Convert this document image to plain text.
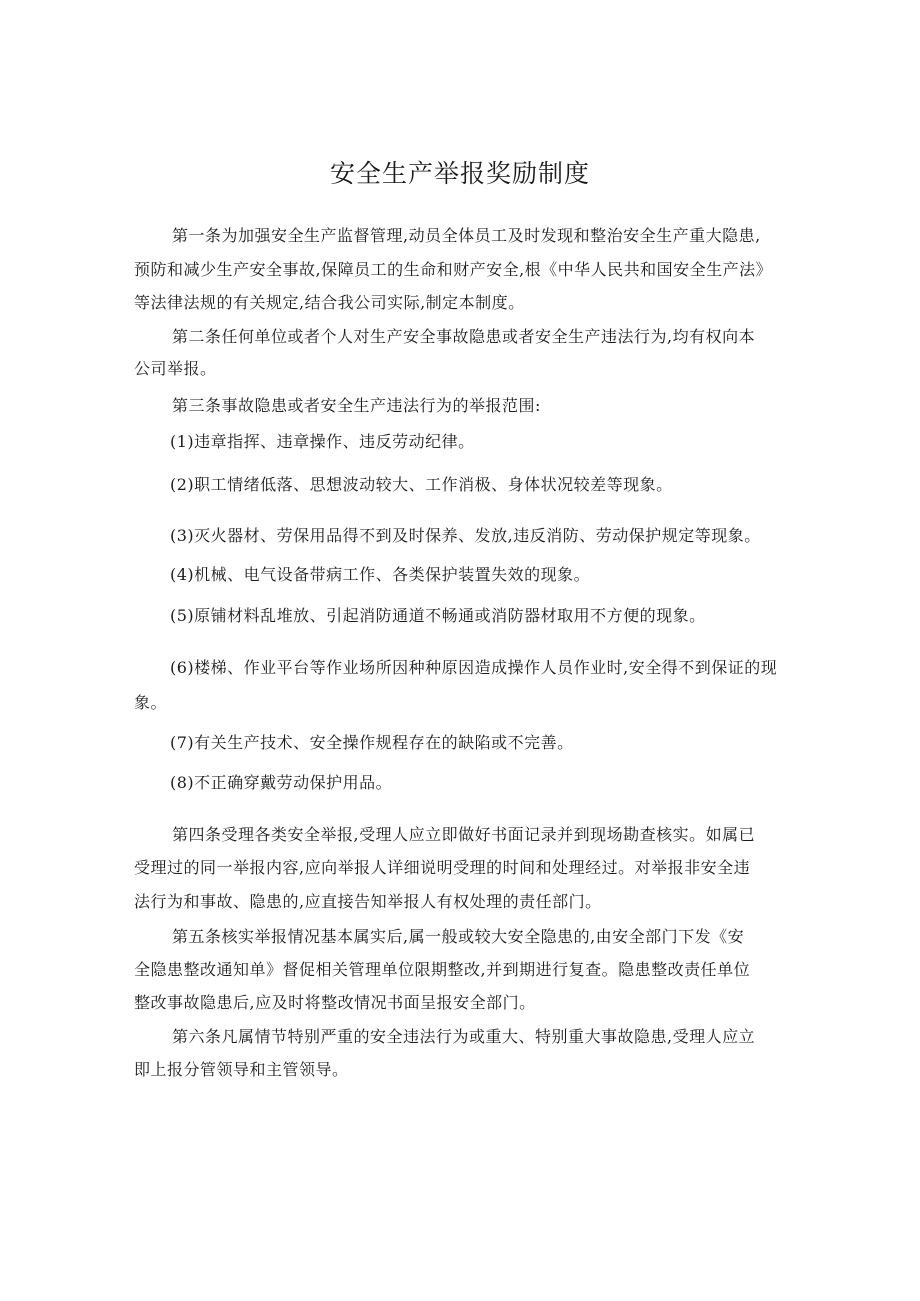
安全生产举报奖励制度
第一条为加强安全生产监督管理,动员全体员工及时发现和整治安全生产重大隐患,
预防和减少生产安全事故,保障员工的生命和财产安全,根《中华人民共和国安全生产法》
等法律法规的有关规定,结合我公司实际,制定本制度。
第二条任何单位或者个人对生产安全事故隐患或者安全生产违法行为,均有权向本
公司举报。
第三条事故隐患或者安全生产违法行为的举报范围:
(1)违章指挥、违章操作、违反劳动纪律。
(2)职工情绪低落、思想波动较大、工作消极、身体状况较差等现象。
(3)灭火器材、劳保用品得不到及时保养、发放,违反消防、劳动保护规定等现象。
(4)机械、电气设备带病工作、各类保护装置失效的现象。
(5)原铺材料乱堆放、引起消防通道不畅通或消防器材取用不方便的现象。
(6)楼梯、作业平台等作业场所因种种原因造成操作人员作业时,安全得不到保证的现
象。
(7)有关生产技术、安全操作规程存在的缺陷或不完善。
(8)不正确穿戴劳动保护用品。
第四条受理各类安全举报,受理人应立即做好书面记录并到现场勘查核实。如属已
受理过的同一举报内容,应向举报人详细说明受理的时间和处理经过。对举报非安全违
法行为和事故、隐患的,应直接告知举报人有权处理的责任部门。
第五条核实举报情况基本属实后,属一般或较大安全隐患的,由安全部门下发《安
全隐患整改通知单》督促相关管理单位限期整改,并到期进行复查。隐患整改责任单位
整改事故隐患后,应及时将整改情况书面呈报安全部门。
第六条凡属情节特别严重的安全违法行为或重大、特别重大事故隐患,受理人应立
即上报分管领导和主管领导。
